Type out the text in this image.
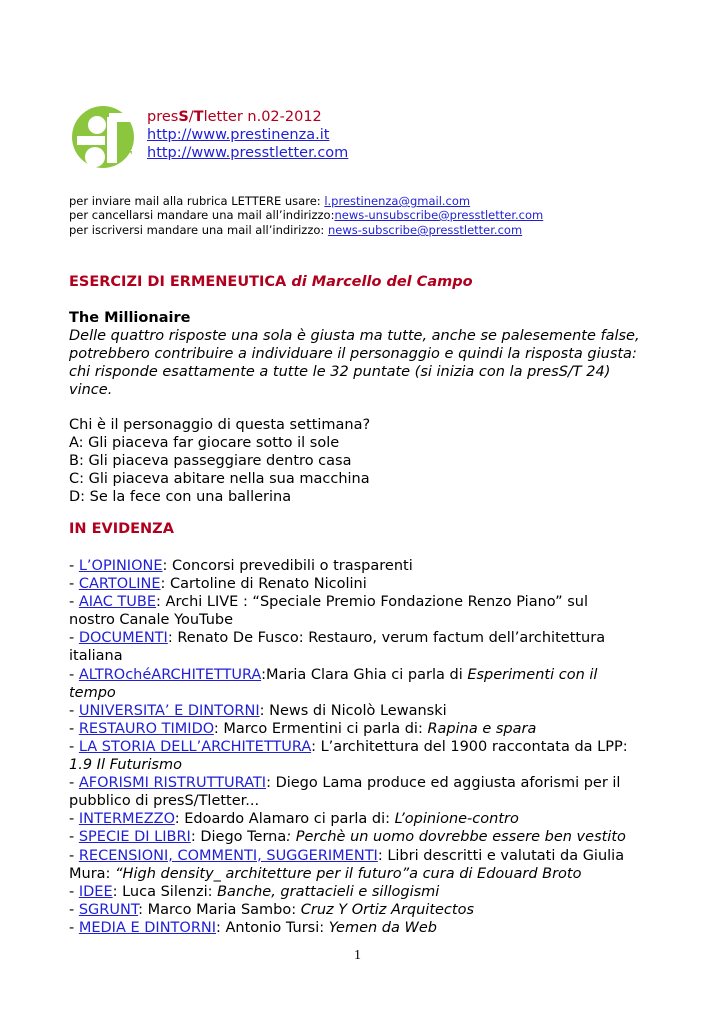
letter
presS/Tletter n.02-2012
http://www.prestinenza.it
http://www.presstletter.com
per inviare mail alla rubrica LETTERE usare: l.prestinenza@gmail.com
per cancellarsi mandare una mail all’indirizzo:news-unsubscribe@presstletter.com
per iscriversi mandare una mail all’indirizzo: news-subscribe@presstletter.com
ESERCIZI DI ERMENEUTICA di Marcello del Campo
The Millionaire
Delle quattro risposte una sola è giusta ma tutte, anche se palesemente false,
potrebbero contribuire a individuare il personaggio e quindi la risposta giusta:
chi risponde esattamente a tutte le 32 puntate (si inizia con la presS/T 24)
vince.
Chi è il personaggio di questa settimana?
A: Gli piaceva far giocare sotto il sole
B: Gli piaceva passeggiare dentro casa
C: Gli piaceva abitare nella sua macchina
D: Se la fece con una ballerina
IN EVIDENZA
- L’OPINIONE: Concorsi prevedibili o trasparenti
- CARTOLINE: Cartoline di Renato Nicolini
- AIAC TUBE: Archi LIVE : “Speciale Premio Fondazione Renzo Piano” sul
nostro Canale YouTube
- DOCUMENTI: Renato De Fusco: Restauro, verum factum dell’architettura
italiana
- ALTROchéARCHITETTURA:Maria Clara Ghia ci parla di Esperimenti con il
tempo
- UNIVERSITA’ E DINTORNI: News di Nicolò Lewanski
- RESTAURO TIMIDO: Marco Ermentini ci parla di: Rapina e spara
- LA STORIA DELL’ARCHITETTURA: L’architettura del 1900 raccontata da LPP:
1.9 Il Futurismo
- AFORISMI RISTRUTTURATI: Diego Lama produce ed aggiusta aforismi per il
pubblico di presS/Tletter...
- INTERMEZZO: Edoardo Alamaro ci parla di: L’opinione-contro
- SPECIE DI LIBRI: Diego Terna: Perchè un uomo dovrebbe essere ben vestito
- RECENSIONI, COMMENTI, SUGGERIMENTI: Libri descritti e valutati da Giulia
Mura: “High density_ architetture per il futuro”a cura di Edouard Broto
- IDEE: Luca Silenzi: Banche, grattacieli e sillogismi
- SGRUNT: Marco Maria Sambo: Cruz Y Ortiz Arquitectos
- MEDIA E DINTORNI: Antonio Tursi: Yemen da Web
1
